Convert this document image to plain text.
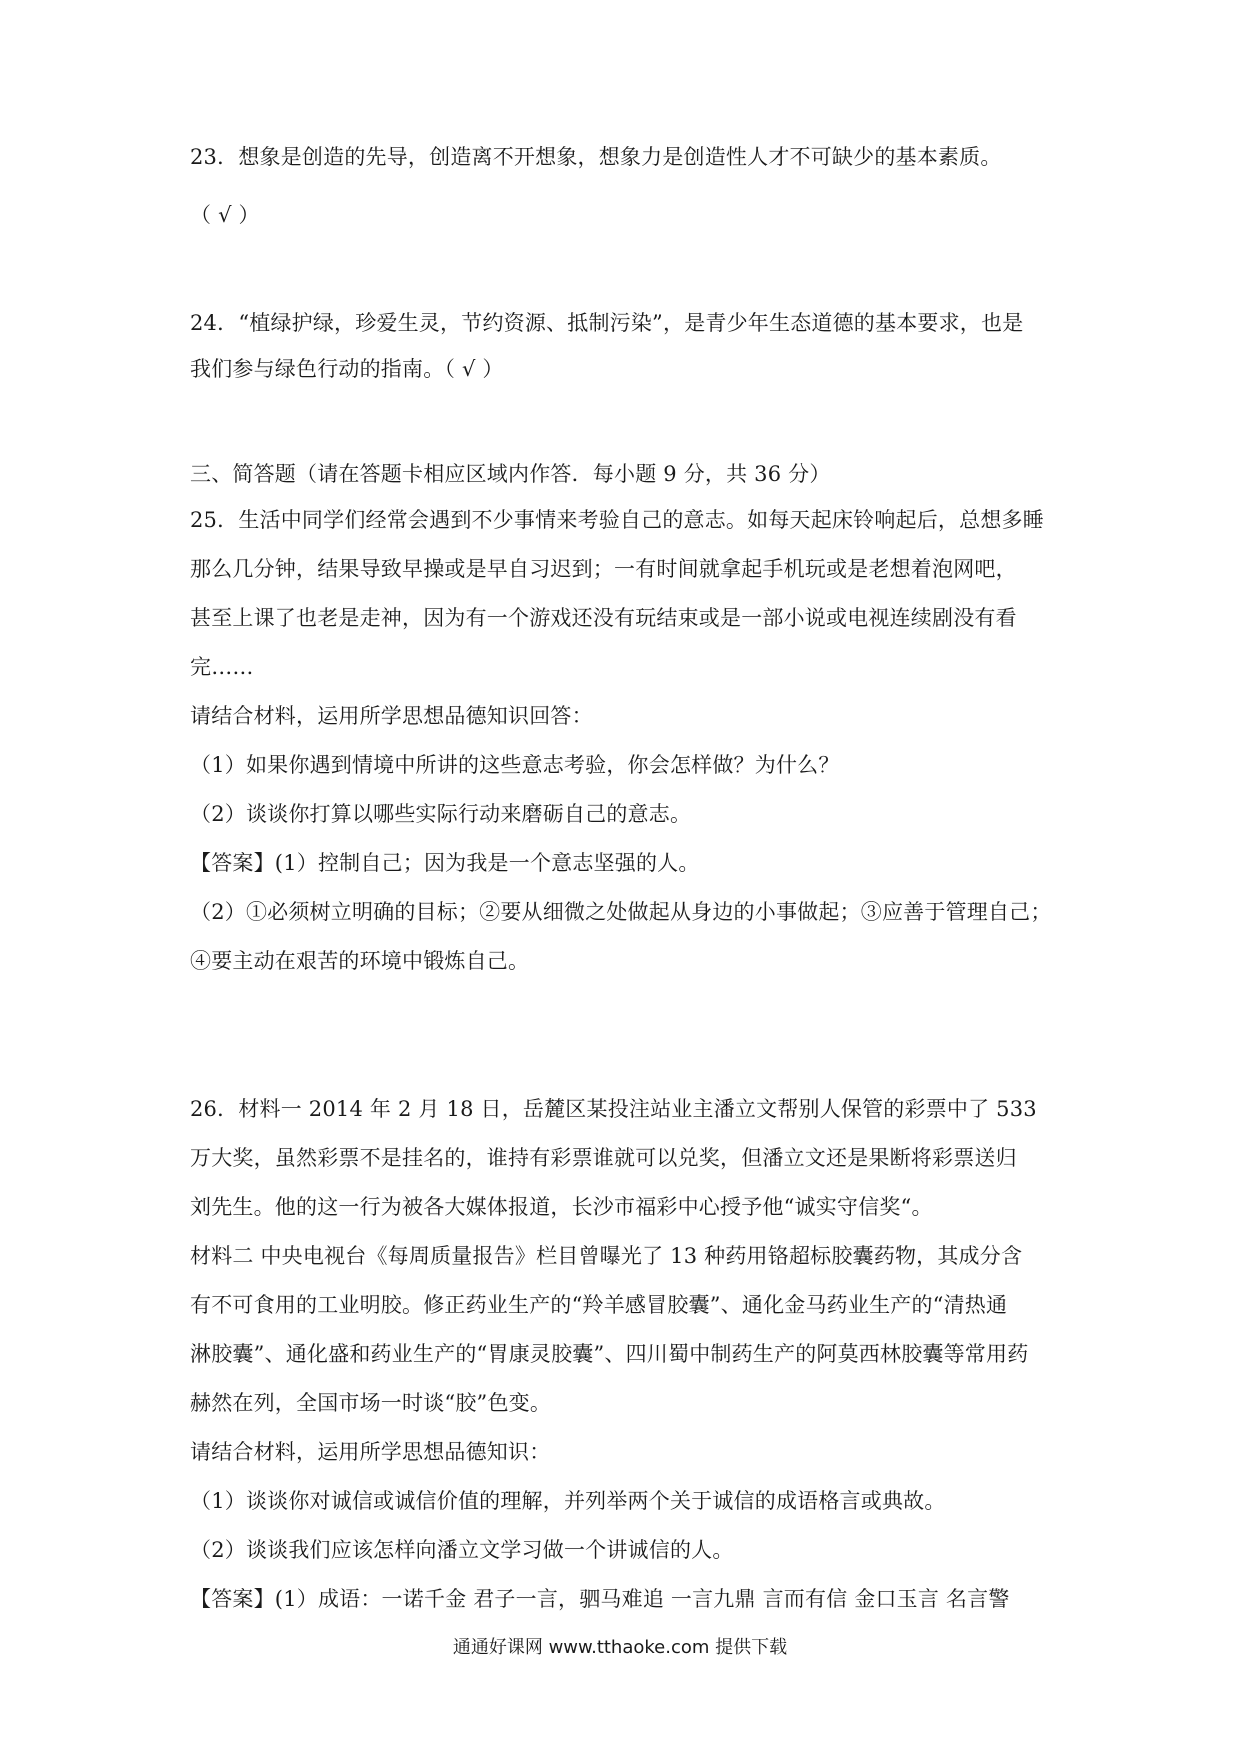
23．想象是创造的先导，创造离不开想象，想象力是创造性人才不可缺少的基本素质。
（ √ ）
24．“植绿护绿，珍爱生灵，节约资源、抵制污染”，是青少年生态道德的基本要求，也是
我们参与绿色行动的指南。（ √ ）
三、简答题（请在答题卡相应区域内作答．每小题 9 分，共 36 分）
25．生活中同学们经常会遇到不少事情来考验自己的意志。如每天起床铃响起后，总想多睡
那么几分钟，结果导致早操或是早自习迟到；一有时间就拿起手机玩或是老想着泡网吧，
甚至上课了也老是走神，因为有一个游戏还没有玩结束或是一部小说或电视连续剧没有看
完……
请结合材料，运用所学思想品德知识回答：
（1）如果你遇到情境中所讲的这些意志考验，你会怎样做？为什么？
（2）谈谈你打算以哪些实际行动来磨砺自己的意志。
【答案】(1）控制自己；因为我是一个意志坚强的人。
（2）①必须树立明确的目标；②要从细微之处做起从身边的小事做起；③应善于管理自己；
④要主动在艰苦的环境中锻炼自己。
26．材料一 2014 年 2 月 18 日，岳麓区某投注站业主潘立文帮别人保管的彩票中了 533
万大奖，虽然彩票不是挂名的，谁持有彩票谁就可以兑奖，但潘立文还是果断将彩票送归
刘先生。他的这一行为被各大媒体报道，长沙市福彩中心授予他“诚实守信奖“。
材料二 中央电视台《每周质量报告》栏目曾曝光了 13 种药用铬超标胶囊药物，其成分含
有不可食用的工业明胶。修正药业生产的“羚羊感冒胶囊”、通化金马药业生产的“清热通
淋胶囊”、通化盛和药业生产的“胃康灵胶囊”、四川蜀中制药生产的阿莫西林胶囊等常用药
赫然在列，全国市场一时谈“胶”色变。
请结合材料，运用所学思想品德知识：
（1）谈谈你对诚信或诚信价值的理解，并列举两个关于诚信的成语格言或典故。
（2）谈谈我们应该怎样向潘立文学习做一个讲诚信的人。
【答案】(1）成语：一诺千金 君子一言，驷马难追 一言九鼎 言而有信 金口玉言 名言警
通通好课网 www.tthaoke.com 提供下载
